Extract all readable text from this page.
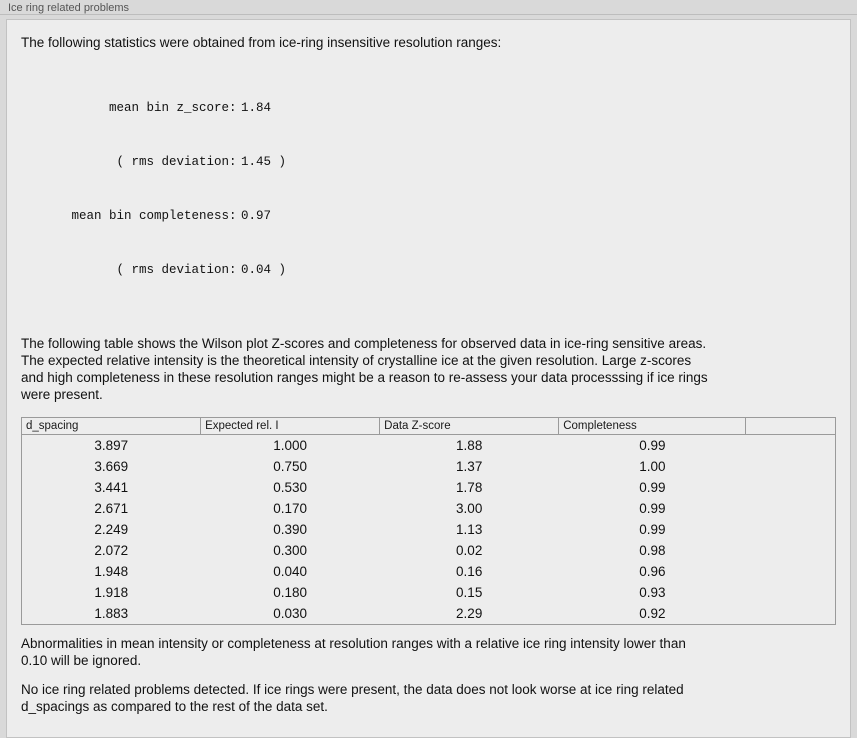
Ice ring related problems
The following statistics were obtained from ice-ring insensitive resolution ranges:

mean bin z_score: 1.84

( rms deviation: 1.45 )

mean bin completeness: 0.97

( rms deviation: 0.04 )

The following table shows the Wilson plot Z-scores and completeness for observed data in ice-ring sensitive areas.
The expected relative intensity is the theoretical intensity of crystalline ice at the given resolution. Large z-scores
and high completeness in these resolution ranges might be a reason to re-assess your data processsing if ice rings
were present.
d_spacing	Expected rel. I	Data Z-score	Completeness	
3.897	1.000	1.88	0.99	
3.669	0.750	1.37	1.00	
3.441	0.530	1.78	0.99	
2.671	0.170	3.00	0.99	
2.249	0.390	1.13	0.99	
2.072	0.300	0.02	0.98	
1.948	0.040	0.16	0.96	
1.918	0.180	0.15	0.93	
1.883	0.030	2.29	0.92	
Abnormalities in mean intensity or completeness at resolution ranges with a relative ice ring intensity lower than
0.10 will be ignored.
No ice ring related problems detected. If ice rings were present, the data does not look worse at ice ring related
d_spacings as compared to the rest of the data set.
